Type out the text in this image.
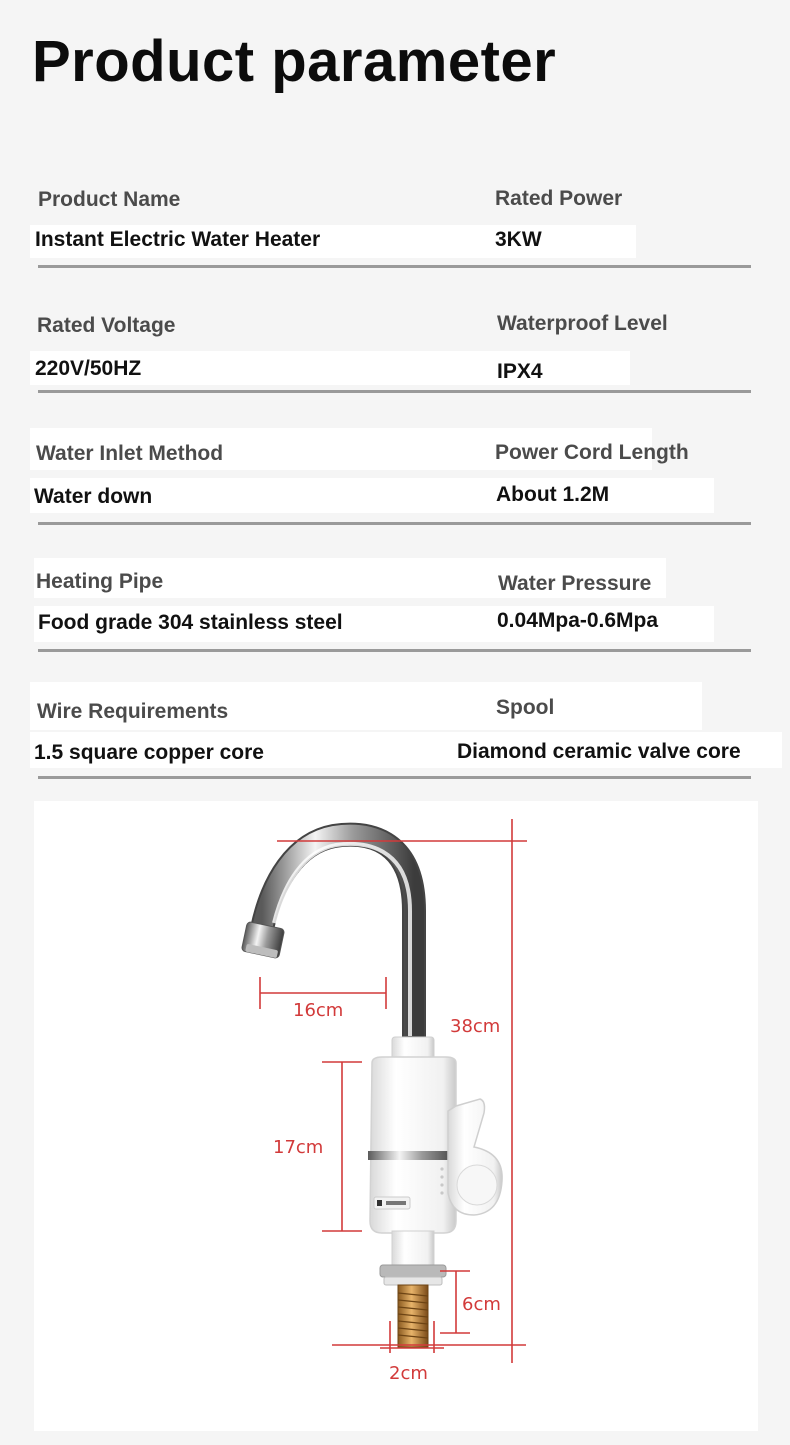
Product parameter
Product Name
Instant Electric Water Heater
Rated Power
3KW
Rated Voltage
220V/50HZ
Waterproof Level
IPX4
Water Inlet Method
Water down
Power Cord Length
About 1.2M
Heating Pipe
Food grade 304 stainless steel
Water Pressure
0.04Mpa-0.6Mpa
Wire Requirements
1.5 square copper core
Spool
Diamond ceramic valve core
16cm
38cm
17cm
6cm
2cm
